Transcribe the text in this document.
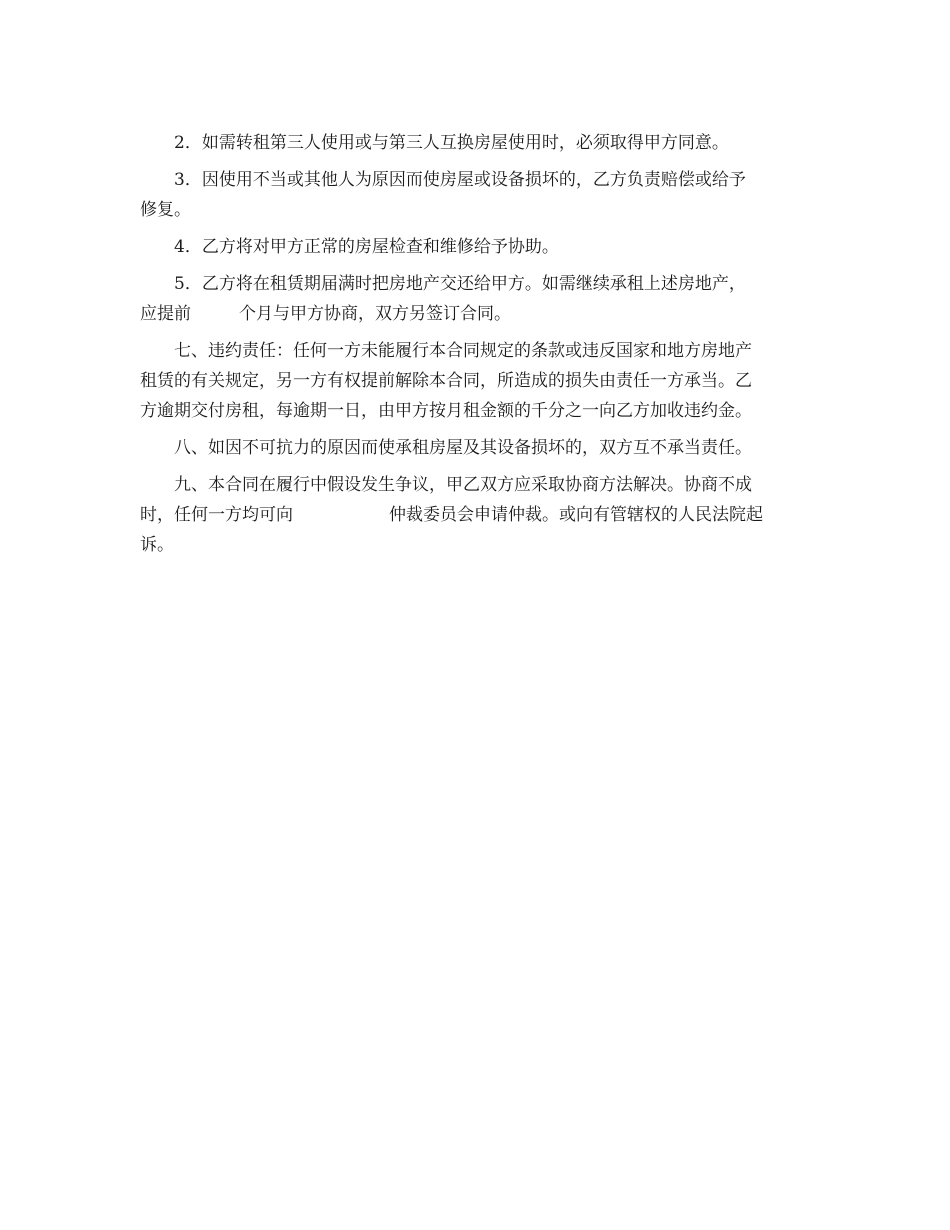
2．如需转租第三人使用或与第三人互换房屋使用时，必须取得甲方同意。
3．因使用不当或其他人为原因而使房屋或设备损坏的，乙方负责赔偿或给予
修复。
4．乙方将对甲方正常的房屋检查和维修给予协助。
5．乙方将在租赁期届满时把房地产交还给甲方。如需继续承租上述房地产，
应提前	个月与甲方协商，双方另签订合同。
七、违约责任：任何一方未能履行本合同规定的条款或违反国家和地方房地产
租赁的有关规定，另一方有权提前解除本合同，所造成的损失由责任一方承当。乙
方逾期交付房租，每逾期一日，由甲方按月租金额的千分之一向乙方加收违约金。
八、如因不可抗力的原因而使承租房屋及其设备损坏的，双方互不承当责任。
九、本合同在履行中假设发生争议，甲乙双方应采取协商方法解决。协商不成
时，任何一方均可向	仲裁委员会申请仲裁。或向有管辖权的人民法院起
诉。
